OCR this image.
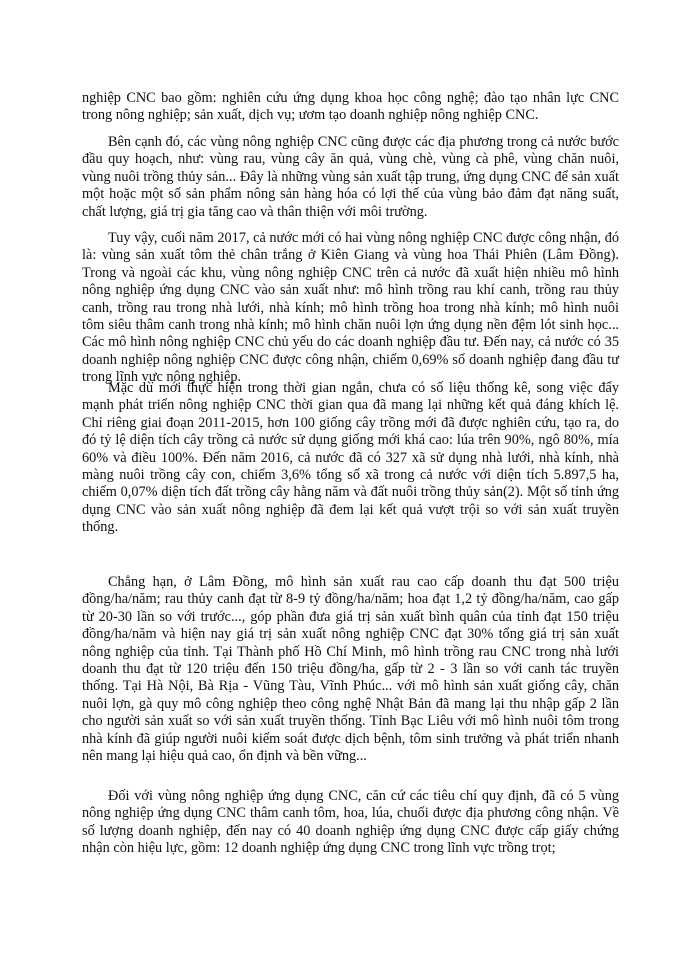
nghiệp CNC bao gồm: nghiên cứu ứng dụng khoa học công nghệ; đào tạo nhân lực CNC trong nông nghiệp; sản xuất, dịch vụ; ươm tạo doanh nghiệp nông nghiệp CNC.

Bên cạnh đó, các vùng nông nghiệp CNC cũng được các địa phương trong cả nước bước đầu quy hoạch, như: vùng rau, vùng cây ăn quả, vùng chè, vùng cà phê, vùng chăn nuôi, vùng nuôi trồng thủy sản... Đây là những vùng sản xuất tập trung, ứng dụng CNC để sản xuất một hoặc một số sản phẩm nông sản hàng hóa có lợi thế của vùng bảo đảm đạt năng suất, chất lượng, giá trị gia tăng cao và thân thiện với môi trường.

Tuy vậy, cuối năm 2017, cả nước mới có hai vùng nông nghiệp CNC được công nhận, đó là: vùng sản xuất tôm thẻ chân trắng ở Kiên Giang và vùng hoa Thái Phiên (Lâm Đồng). Trong và ngoài các khu, vùng nông nghiệp CNC trên cả nước đã xuất hiện nhiều mô hình nông nghiệp ứng dụng CNC vào sản xuất như: mô hình trồng rau khí canh, trồng rau thủy canh, trồng rau trong nhà lưới, nhà kính; mô hình trồng hoa trong nhà kính; mô hình nuôi tôm siêu thâm canh trong nhà kính; mô hình chăn nuôi lợn ứng dụng nền đệm lót sinh học... Các mô hình nông nghiệp CNC chủ yếu do các doanh nghiệp đầu tư. Đến nay, cả nước có 35 doanh nghiệp nông nghiệp CNC được công nhận, chiếm 0,69% số doanh nghiệp đang đầu tư trong lĩnh vực nông nghiệp.

Mặc dù mới thực hiện trong thời gian ngắn, chưa có số liệu thống kê, song việc đẩy mạnh phát triển nông nghiệp CNC thời gian qua đã mang lại những kết quả đáng khích lệ. Chỉ riêng giai đoạn 2011-2015, hơn 100 giống cây trồng mới đã được nghiên cứu, tạo ra, do đó tỷ lệ diện tích cây trồng cả nước sử dụng giống mới khá cao: lúa trên 90%, ngô 80%, mía 60% và điều 100%. Đến năm 2016, cả nước đã có 327 xã sử dụng nhà lưới, nhà kính, nhà màng nuôi trồng cây con, chiếm 3,6% tổng số xã trong cả nước với diện tích 5.897,5 ha, chiếm 0,07% diện tích đất trồng cây hằng năm và đất nuôi trồng thủy sản(2). Một số tỉnh ứng dụng CNC vào sản xuất nông nghiệp đã đem lại kết quả vượt trội so với sản xuất truyền thống.

Chẳng hạn, ở Lâm Đồng, mô hình sản xuất rau cao cấp doanh thu đạt 500 triệu đồng/ha/năm; rau thủy canh đạt từ 8-9 tỷ đồng/ha/năm; hoa đạt 1,2 tỷ đồng/ha/năm, cao gấp từ 20-30 lần so với trước..., góp phần đưa giá trị sản xuất bình quân của tỉnh đạt 150 triệu đồng/ha/năm và hiện nay giá trị sản xuất nông nghiệp CNC đạt 30% tổng giá trị sản xuất nông nghiệp của tỉnh. Tại Thành phố Hồ Chí Minh, mô hình trồng rau CNC trong nhà lưới doanh thu đạt từ 120 triệu đến 150 triệu đồng/ha, gấp từ 2 - 3 lần so với canh tác truyền thống. Tại Hà Nội, Bà Rịa - Vũng Tàu, Vĩnh Phúc... với mô hình sản xuất giống cây, chăn nuôi lợn, gà quy mô công nghiệp theo công nghệ Nhật Bản đã mang lại thu nhập gấp 2 lần cho người sản xuất so với sản xuất truyền thống. Tỉnh Bạc Liêu với mô hình nuôi tôm trong nhà kính đã giúp người nuôi kiểm soát được dịch bệnh, tôm sinh trưởng và phát triển nhanh nên mang lại hiệu quả cao, ổn định và bền vững...

Đối với vùng nông nghiệp ứng dụng CNC, căn cứ các tiêu chí quy định, đã có 5 vùng nông nghiệp ứng dụng CNC thâm canh tôm, hoa, lúa, chuối được địa phương công nhận. Về số lượng doanh nghiệp, đến nay có 40 doanh nghiệp ứng dụng CNC được cấp giấy chứng nhận còn hiệu lực, gồm: 12 doanh nghiệp ứng dụng CNC trong lĩnh vực trồng trọt;
